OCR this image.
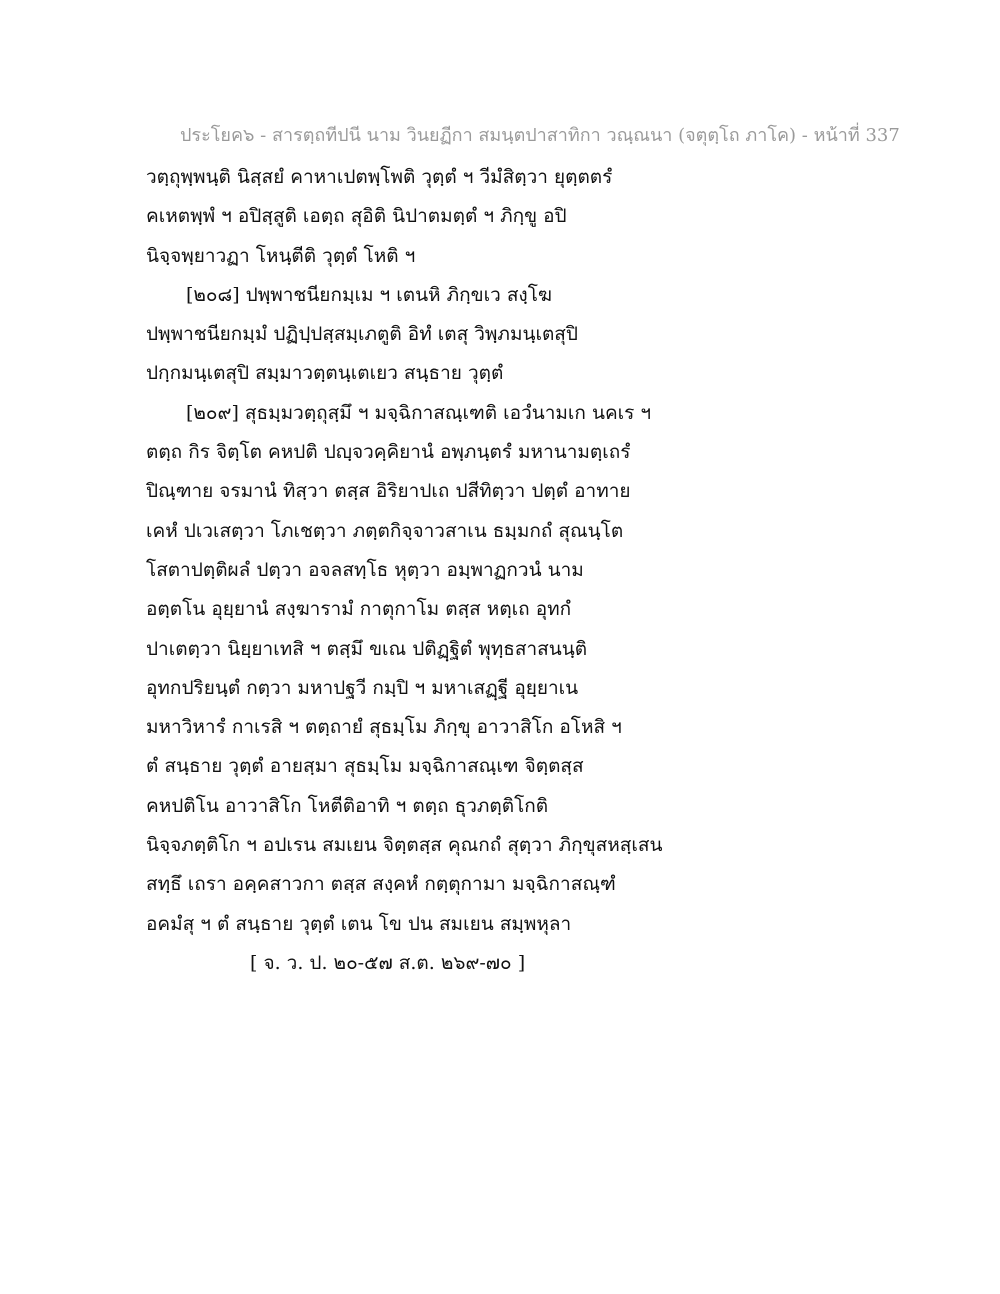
ประโยค๖ - สารตฺถทีปนี นาม วินยฏีกา สมนฺตปาสาทิกา วณฺณนา (จตุตฺโถ ภาโค) - หน้าที่ 337
วตฺถุพฺพนฺติ นิสฺสยํ คาหาเปตพฺโพติ วุตฺตํ ฯ วีมํสิตฺวา ยุตฺตตรํ
คเหตพฺพํ ฯ อปิสฺสูติ เอตฺถ สุอิติ นิปาตมตฺตํ ฯ ภิกฺขู อปิ
นิจฺจพฺยาวฏา โหนฺตีติ วุตฺตํ โหติ ฯ
[๒๐๘] ปพฺพาชนียกมฺเม ฯ เตนหิ ภิกฺขเว สงฺโฆ
ปพฺพาชนียกมฺมํ ปฏิปฺปสฺสมฺเภตูติ อิทํ เตสุ วิพฺภมนฺเตสุปิ
ปกฺกมนฺเตสุปิ สมฺมาวตฺตนฺเตเยว สนฺธาย วุตฺตํ
[๒๐๙] สุธมฺมวตฺถุสฺมึ ฯ มจฺฉิกาสณฺเฑติ เอวํนามเก นคเร ฯ
ตตฺถ กิร จิตฺโต คหปติ ปญฺจวคฺคิยานํ อพฺภนฺตรํ มหานามตฺเถรํ
ปิณฺฑาย จรมานํ ทิสฺวา ตสฺส อิริยาปเถ ปสีทิตฺวา ปตฺตํ อาทาย
เคหํ ปเวเสตฺวา โภเชตฺวา ภตฺตกิจฺจาวสาเน ธมฺมกถํ สุณนฺโต
โสตาปตฺติผลํ ปตฺวา อจลสทฺโธ หุตฺวา อมฺพาฏกวนํ นาม
อตฺตโน อุยฺยานํ สงฺฆารามํ กาตุกาโม ตสฺส หตฺเถ อุทกํ
ปาเตตฺวา นิยฺยาเทสิ ฯ ตสฺมึ ขเณ ปติฏฺฐิตํ พุทฺธสาสนนฺติ
อุทกปริยนฺตํ กตฺวา มหาปฐวี กมฺปิ ฯ มหาเสฏฺฐี อุยฺยาเน
มหาวิหารํ กาเรสิ ฯ ตตฺถายํ สุธมฺโม ภิกฺขุ อาวาสิโก อโหสิ ฯ
ตํ สนฺธาย วุตฺตํ อายสฺมา สุธมฺโม มจฺฉิกาสณฺเฑ จิตฺตสฺส
คหปติโน อาวาสิโก โหตีติอาทิ ฯ ตตฺถ ธุวภตฺติโกติ
นิจฺจภตฺติโก ฯ อปเรน สมเยน จิตฺตสฺส คุณกถํ สุตฺวา ภิกฺขุสหสฺเสน
สทฺธึ เถรา อคฺคสาวกา ตสฺส สงฺคหํ กตฺตุกามา มจฺฉิกาสณฺฑํ
อคมํสุ ฯ ตํ สนฺธาย วุตฺตํ เตน โข ปน สมเยน สมฺพหุลา
[ จ. ว. ป. ๒๐-๕๗ ส.ต. ๒๖๙-๗๐ ]
